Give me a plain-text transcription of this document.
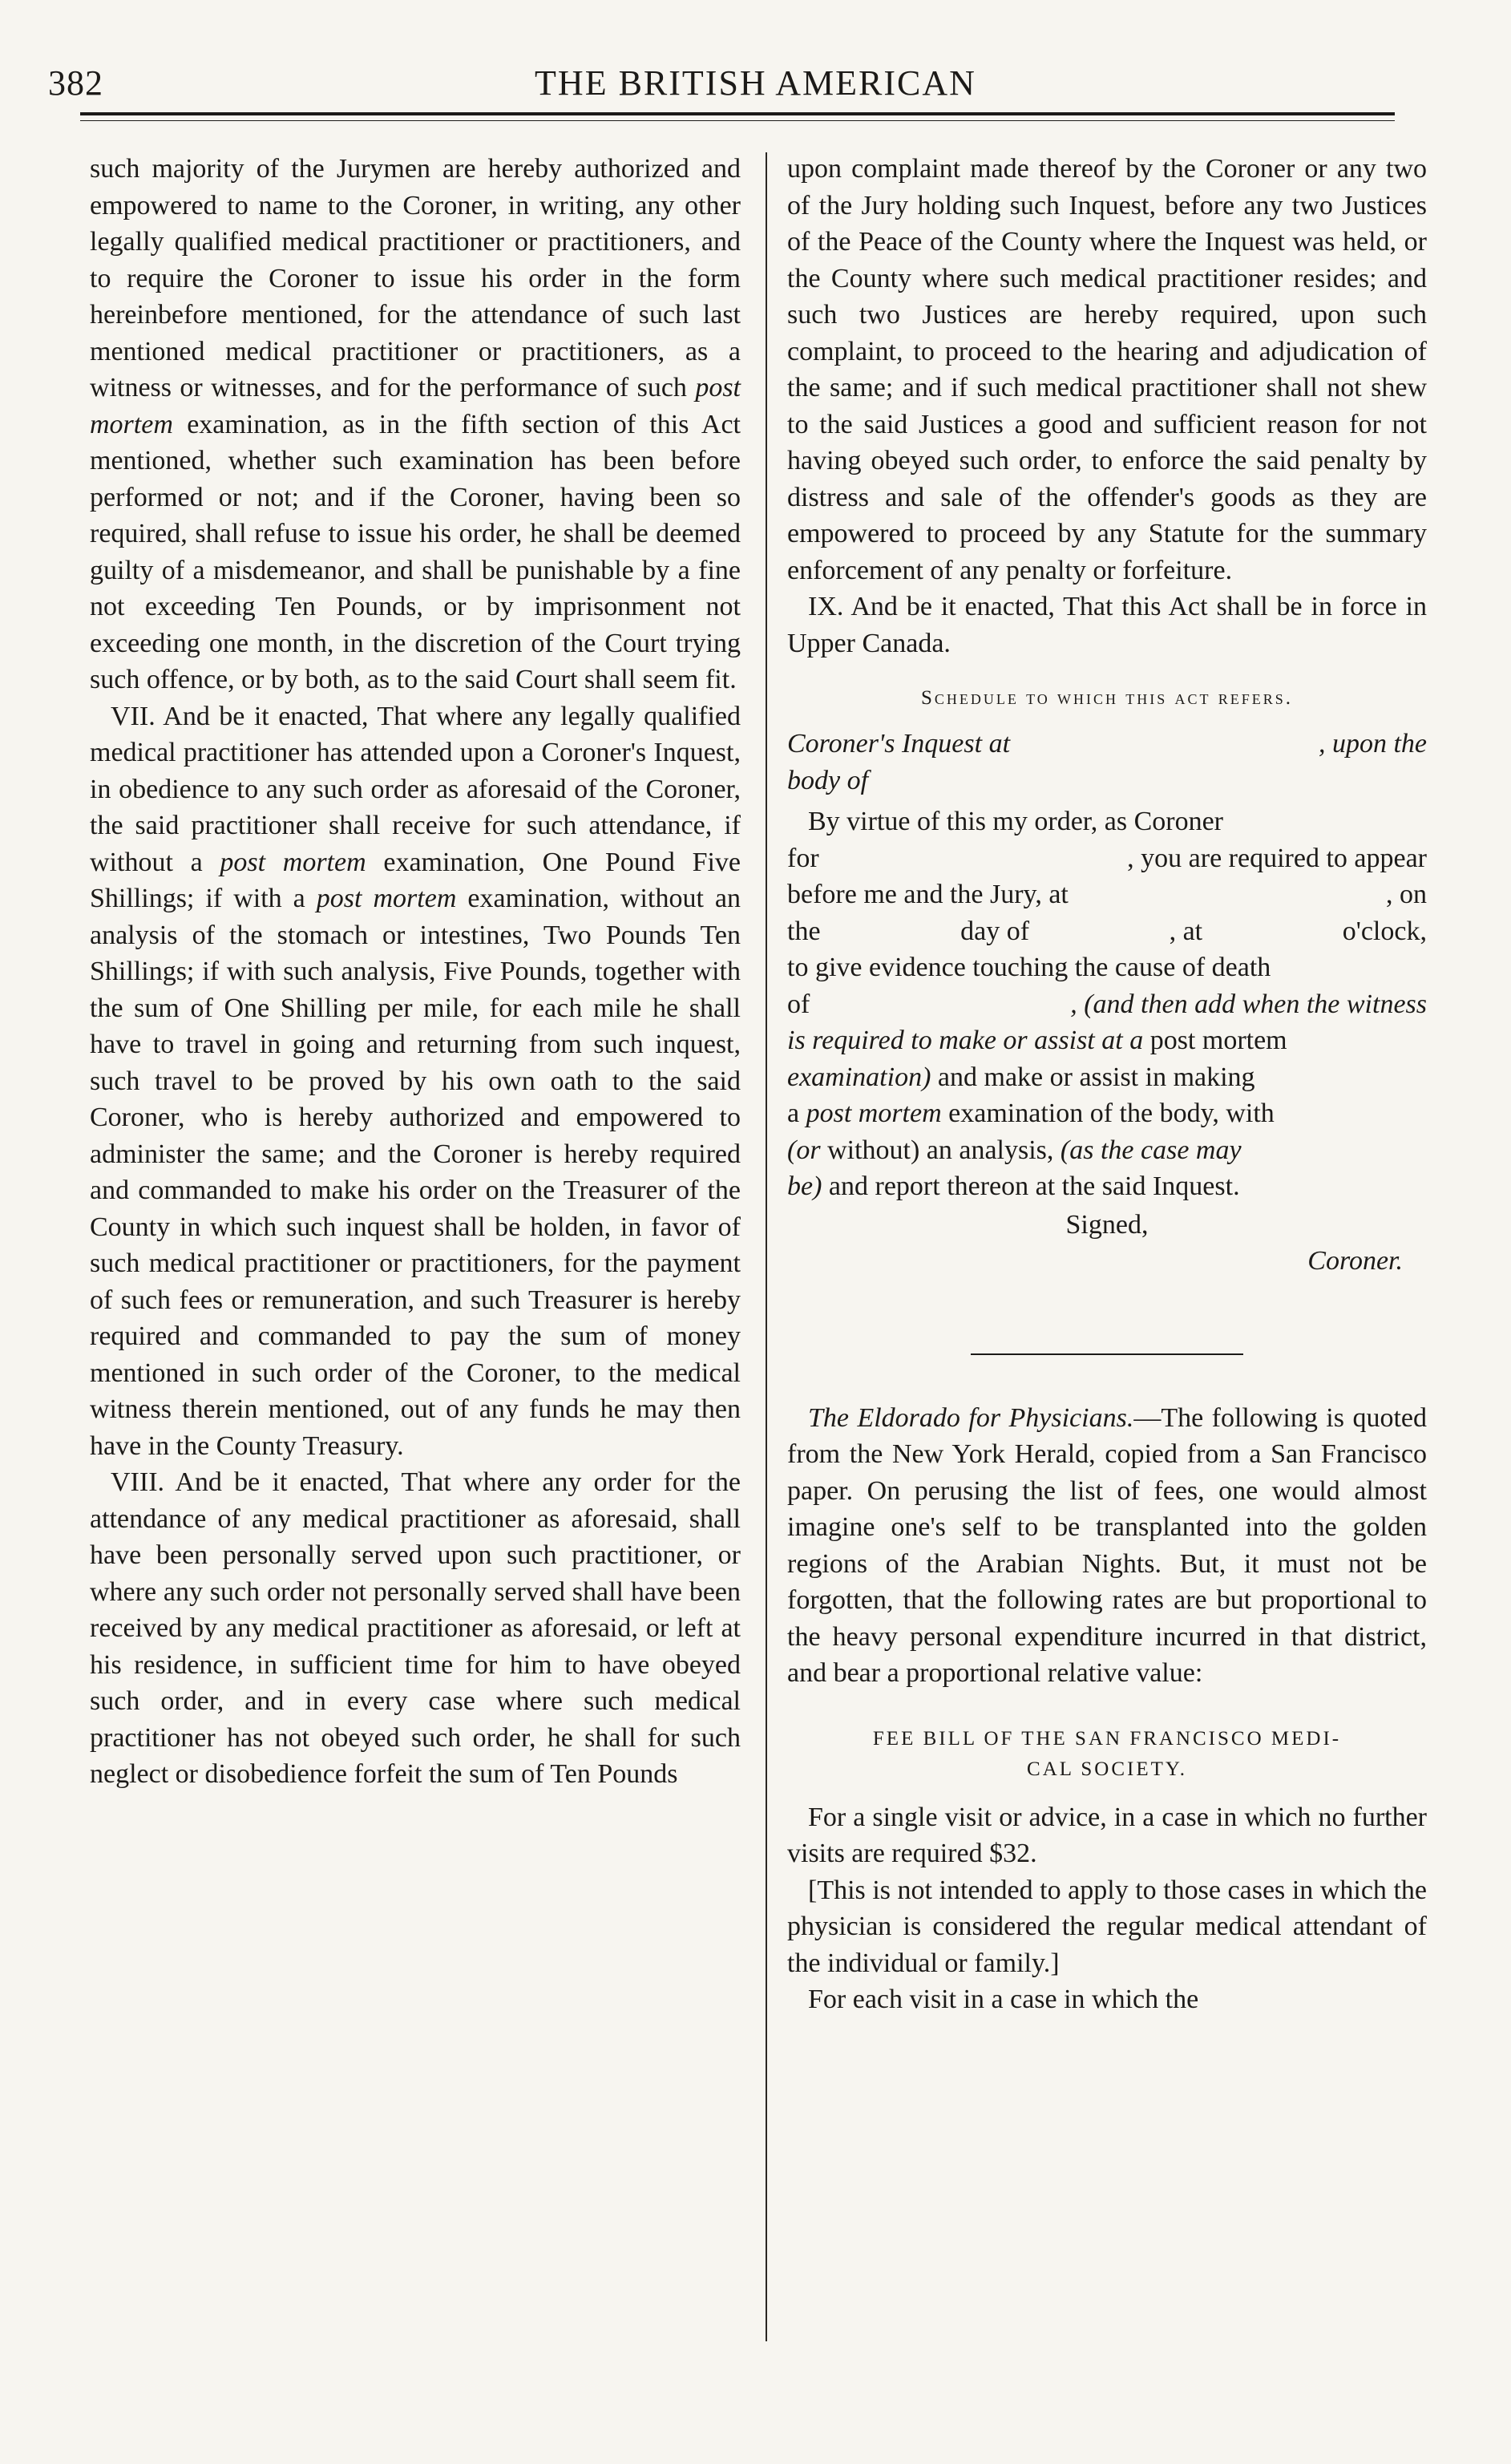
382	THE BRITISH AMERICAN

such majority of the Jurymen are hereby authorized and empowered to name to the Coroner, in writing, any other legally qualified medical practitioner or practitioners, and to require the Coroner to issue his order in the form hereinbefore mentioned, for the attendance of such last mentioned medical practitioner or practitioners, as a witness or witnesses, and for the performance of such post mortem examination, as in the fifth section of this Act mentioned, whether such examination has been before performed or not; and if the Coroner, having been so required, shall refuse to issue his order, he shall be deemed guilty of a misdemeanor, and shall be punishable by a fine not exceeding Ten Pounds, or by imprisonment not exceeding one month, in the discretion of the Court trying such offence, or by both, as to the said Court shall seem fit.

VII. And be it enacted, That where any legally qualified medical practitioner has attended upon a Coroner's Inquest, in obedience to any such order as aforesaid of the Coroner, the said practitioner shall receive for such attendance, if without a post mortem examination, One Pound Five Shillings; if with a post mortem examination, without an analysis of the stomach or intestines, Two Pounds Ten Shillings; if with such analysis, Five Pounds, together with the sum of One Shilling per mile, for each mile he shall have to travel in going and returning from such inquest, such travel to be proved by his own oath to the said Coroner, who is hereby authorized and empowered to administer the same; and the Coroner is hereby required and commanded to make his order on the Treasurer of the County in which such inquest shall be holden, in favor of such medical practitioner or practitioners, for the payment of such fees or remuneration, and such Treasurer is hereby required and commanded to pay the sum of money mentioned in such order of the Coroner, to the medical witness therein mentioned, out of any funds he may then have in the County Treasury.

VIII. And be it enacted, That where any order for the attendance of any medical practitioner as aforesaid, shall have been personally served upon such practitioner, or where any such order not personally served shall have been received by any medical practitioner as aforesaid, or left at his residence, in sufficient time for him to have obeyed such order, and in every case where such medical practitioner has not obeyed such order, he shall for such neglect or disobedience forfeit the sum of Ten Pounds

upon complaint made thereof by the Coroner or any two of the Jury holding such Inquest, before any two Justices of the Peace of the County where the Inquest was held, or the County where such medical practitioner resides; and such two Justices are hereby required, upon such complaint, to proceed to the hearing and adjudication of the same; and if such medical practitioner shall not shew to the said Justices a good and sufficient reason for not having obeyed such order, to enforce the said penalty by distress and sale of the offender's goods as they are empowered to proceed by any Statute for the summary enforcement of any penalty or forfeiture.

IX. And be it enacted, That this Act shall be in force in Upper Canada.

Schedule to which this act refers.
Coroner's Inquest at	, upon the

body of

By virtue of this my order, as Coroner

for	, you are required to appear
before me and the Jury, at	, on
the	day of	, at	o'clock,

to give evidence touching the cause of death

of	, (and then add when the witness

is required to make or assist at a post mortem

examination) and make or assist in making

a post mortem examination of the body, with

(or without) an analysis, (as the case may

be) and report thereon at the said Inquest.

Signed,

Coroner.

The Eldorado for Physicians.—The following is quoted from the New York Herald, copied from a San Francisco paper. On perusing the list of fees, one would almost imagine one's self to be transplanted into the golden regions of the Arabian Nights. But, it must not be forgotten, that the following rates are but proportional to the heavy personal expenditure incurred in that district, and bear a proportional relative value:

FEE BILL OF THE SAN FRANCISCO MEDI-
CAL SOCIETY.

For a single visit or advice, in a case in which no further visits are required $32.

[This is not intended to apply to those cases in which the physician is considered the regular medical attendant of the individual or family.]

For each visit in a case in which the
